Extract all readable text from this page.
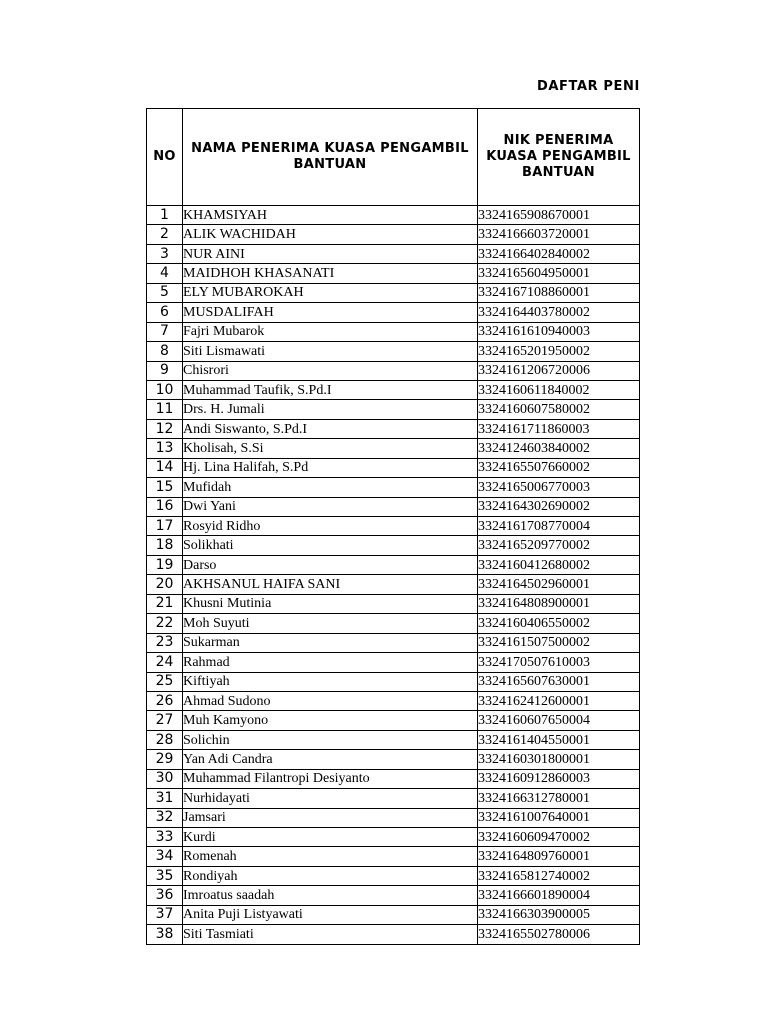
DAFTAR PENI
NO	NAMA PENERIMA KUASA PENGAMBIL BANTUAN	NIK PENERIMA KUASA PENGAMBIL BANTUAN
1	KHAMSIYAH	3324165908670001
2	ALIK WACHIDAH	3324166603720001
3	NUR AINI	3324166402840002
4	MAIDHOH KHASANATI	3324165604950001
5	ELY MUBAROKAH	3324167108860001
6	MUSDALIFAH	3324164403780002
7	Fajri Mubarok	3324161610940003
8	Siti Lismawati	3324165201950002
9	Chisrori	3324161206720006
10	Muhammad Taufik, S.Pd.I	3324160611840002
11	Drs. H. Jumali	3324160607580002
12	Andi Siswanto, S.Pd.I	3324161711860003
13	Kholisah, S.Si	3324124603840002
14	Hj. Lina Halifah, S.Pd	3324165507660002
15	Mufidah	3324165006770003
16	Dwi Yani	3324164302690002
17	Rosyid Ridho	3324161708770004
18	Solikhati	3324165209770002
19	Darso	3324160412680002
20	AKHSANUL HAIFA SANI	3324164502960001
21	Khusni Mutinia	3324164808900001
22	Moh Suyuti	3324160406550002
23	Sukarman	3324161507500002
24	Rahmad	3324170507610003
25	Kiftiyah	3324165607630001
26	Ahmad Sudono	3324162412600001
27	Muh Kamyono	3324160607650004
28	Solichin	3324161404550001
29	Yan Adi Candra	3324160301800001
30	Muhammad Filantropi Desiyanto	3324160912860003
31	Nurhidayati	3324166312780001
32	Jamsari	3324161007640001
33	Kurdi	3324160609470002
34	Romenah	3324164809760001
35	Rondiyah	3324165812740002
36	Imroatus saadah	3324166601890004
37	Anita Puji Listyawati	3324166303900005
38	Siti Tasmiati	3324165502780006
